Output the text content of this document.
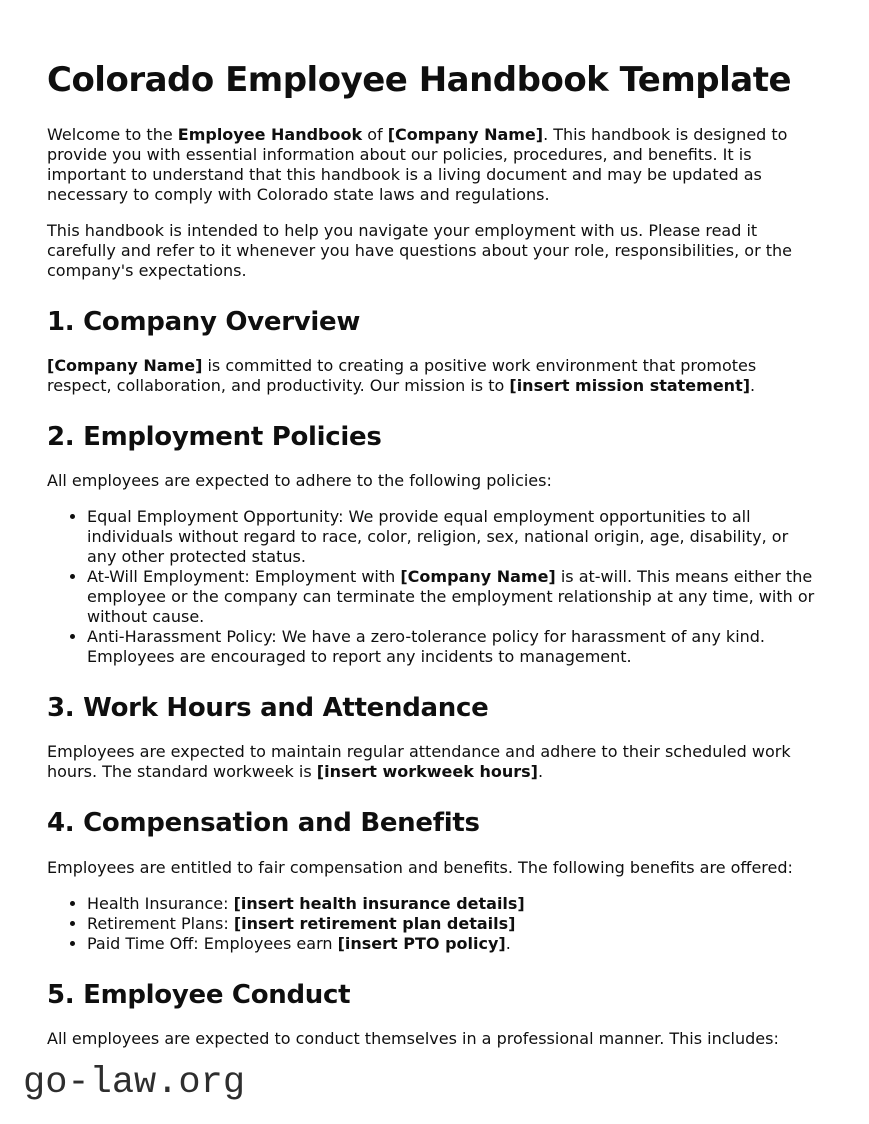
Colorado Employee Handbook Template

Welcome to the Employee Handbook of [Company Name]. This handbook is designed to provide you with essential information about our policies, procedures, and benefits. It is important to understand that this handbook is a living document and may be updated as necessary to comply with Colorado state laws and regulations.

This handbook is intended to help you navigate your employment with us. Please read it carefully and refer to it whenever you have questions about your role, responsibilities, or the company's expectations.

1. Company Overview

[Company Name] is committed to creating a positive work environment that promotes respect, collaboration, and productivity. Our mission is to [insert mission statement].

2. Employment Policies

All employees are expected to adhere to the following policies:

• Equal Employment Opportunity: We provide equal employment opportunities to all individuals without regard to race, color, religion, sex, national origin, age, disability, or any other protected status.
• At-Will Employment: Employment with [Company Name] is at-will. This means either the employee or the company can terminate the employment relationship at any time, with or without cause.
• Anti-Harassment Policy: We have a zero-tolerance policy for harassment of any kind. Employees are encouraged to report any incidents to management.
3. Work Hours and Attendance

Employees are expected to maintain regular attendance and adhere to their scheduled work hours. The standard workweek is [insert workweek hours].

4. Compensation and Benefits

Employees are entitled to fair compensation and benefits. The following benefits are offered:

• Health Insurance: [insert health insurance details]
• Retirement Plans: [insert retirement plan details]
• Paid Time Off: Employees earn [insert PTO policy].
5. Employee Conduct

All employees are expected to conduct themselves in a professional manner. This includes:

go-law.org
